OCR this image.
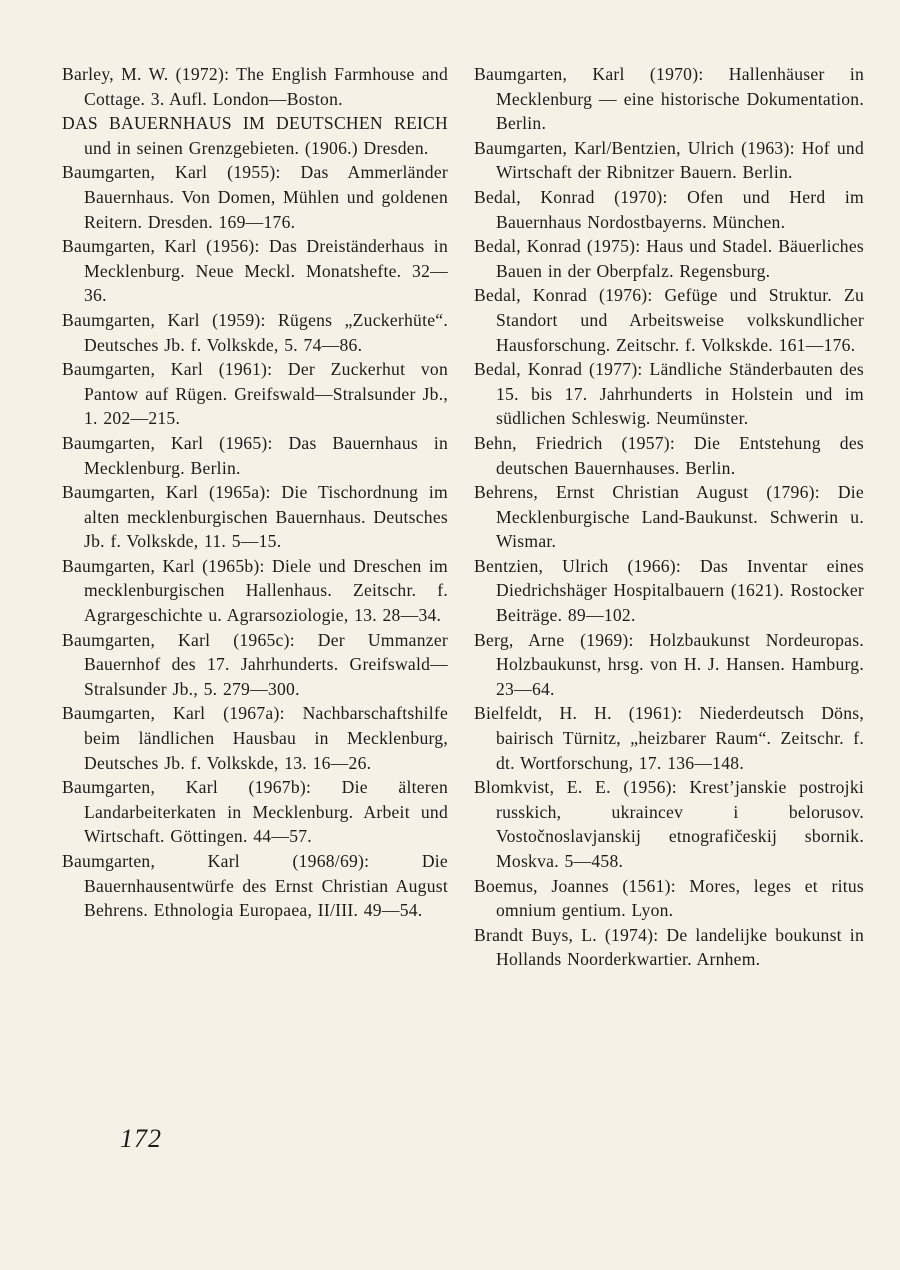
Barley, M. W. (1972): The English Farmhouse and Cottage. 3. Aufl. London—Boston.
DAS BAUERNHAUS IM DEUTSCHEN REICH und in seinen Grenzgebieten. (1906.) Dresden.
Baumgarten, Karl (1955): Das Ammerländer Bauernhaus. Von Domen, Mühlen und goldenen Reitern. Dresden. 169—176.
Baumgarten, Karl (1956): Das Dreiständerhaus in Mecklenburg. Neue Meckl. Monatshefte. 32—36.
Baumgarten, Karl (1959): Rügens „Zuckerhüte“. Deutsches Jb. f. Volkskde, 5. 74—86.
Baumgarten, Karl (1961): Der Zuckerhut von Pantow auf Rügen. Greifswald—Stralsunder Jb., 1. 202—215.
Baumgarten, Karl (1965): Das Bauernhaus in Mecklenburg. Berlin.
Baumgarten, Karl (1965a): Die Tischordnung im alten mecklenburgischen Bauernhaus. Deutsches Jb. f. Volkskde, 11. 5—15.
Baumgarten, Karl (1965b): Diele und Dreschen im mecklenburgischen Hallenhaus. Zeitschr. f. Agrargeschichte u. Agrarsoziologie, 13. 28—34.
Baumgarten, Karl (1965c): Der Ummanzer Bauernhof des 17. Jahrhunderts. Greifswald—Stralsunder Jb., 5. 279—300.
Baumgarten, Karl (1967a): Nachbarschaftshilfe beim ländlichen Hausbau in Mecklenburg, Deutsches Jb. f. Volkskde, 13. 16—26.
Baumgarten, Karl (1967b): Die älteren Landarbeiterkaten in Mecklenburg. Arbeit und Wirtschaft. Göttingen. 44—57.
Baumgarten, Karl (1968/69): Die Bauernhausentwürfe des Ernst Christian August Behrens. Ethnologia Europaea, II/III. 49—54.
Baumgarten, Karl (1970): Hallenhäuser in Mecklenburg — eine historische Dokumentation. Berlin.
Baumgarten, Karl/Bentzien, Ulrich (1963): Hof und Wirtschaft der Ribnitzer Bauern. Berlin.
Bedal, Konrad (1970): Ofen und Herd im Bauernhaus Nordostbayerns. München.
Bedal, Konrad (1975): Haus und Stadel. Bäuerliches Bauen in der Oberpfalz. Regensburg.
Bedal, Konrad (1976): Gefüge und Struktur. Zu Standort und Arbeitsweise volkskundlicher Hausforschung. Zeitschr. f. Volkskde. 161—176.
Bedal, Konrad (1977): Ländliche Ständerbauten des 15. bis 17. Jahrhunderts in Holstein und im südlichen Schleswig. Neumünster.
Behn, Friedrich (1957): Die Entstehung des deutschen Bauernhauses. Berlin.
Behrens, Ernst Christian August (1796): Die Mecklenburgische Land-Baukunst. Schwerin u. Wismar.
Bentzien, Ulrich (1966): Das Inventar eines Diedrichshäger Hospitalbauern (1621). Rostocker Beiträge. 89—102.
Berg, Arne (1969): Holzbaukunst Nordeuropas. Holzbaukunst, hrsg. von H. J. Hansen. Hamburg. 23—64.
Bielfeldt, H. H. (1961): Niederdeutsch Döns, bairisch Türnitz, „heizbarer Raum“. Zeitschr. f. dt. Wortforschung, 17. 136—148.
Blomkvist, E. E. (1956): Krest’janskie postrojki russkich, ukraincev i belorusov. Vostočnoslavjanskij etnografičeskij sbornik. Moskva. 5—458.
Boemus, Joannes (1561): Mores, leges et ritus omnium gentium. Lyon.
Brandt Buys, L. (1974): De landelijke boukunst in Hollands Noorderkwartier. Arnhem.
172
